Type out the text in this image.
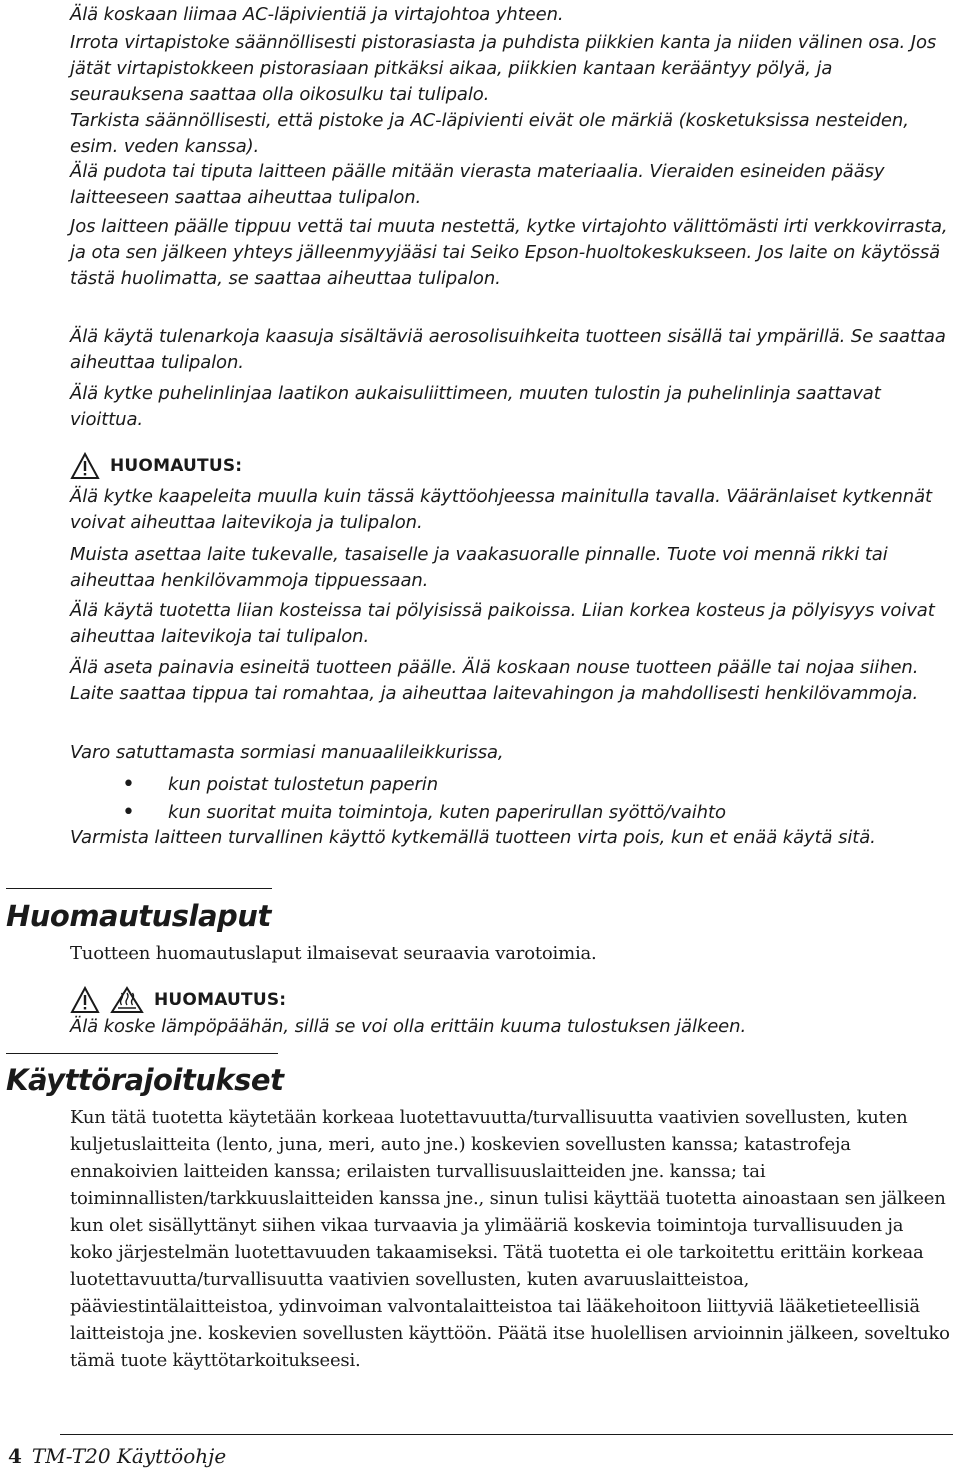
Älä koskaan liimaa AC-läpivientiä ja virtajohtoa yhteen.

Irrota virtapistoke säännöllisesti pistorasiasta ja puhdista piikkien kanta ja niiden välinen osa. Jos jätät virtapistokkeen pistorasiaan pitkäksi aikaa, piikkien kantaan kerääntyy pölyä, ja seurauksena saattaa olla oikosulku tai tulipalo.

Tarkista säännöllisesti, että pistoke ja AC-läpivienti eivät ole märkiä (kosketuksissa nesteiden, esim. veden kanssa).

Älä pudota tai tiputa laitteen päälle mitään vierasta materiaalia. Vieraiden esineiden pääsy laitteeseen saattaa aiheuttaa tulipalon.

Jos laitteen päälle tippuu vettä tai muuta nestettä, kytke virtajohto välittömästi irti verkkovirrasta, ja ota sen jälkeen yhteys jälleenmyyjääsi tai Seiko Epson-huoltokeskukseen. Jos laite on käytössä tästä huolimatta, se saattaa aiheuttaa tulipalon.

Älä käytä tulenarkoja kaasuja sisältäviä aerosolisuihkeita tuotteen sisällä tai ympärillä. Se saattaa aiheuttaa tulipalon.

Älä kytke puhelinlinjaa laatikon aukaisuliittimeen, muuten tulostin ja puhelinlinja saattavat vioittua.

HUOMAUTUS:

Älä kytke kaapeleita muulla kuin tässä käyttöohjeessa mainitulla tavalla. Vääränlaiset kytkennät voivat aiheuttaa laitevikoja ja tulipalon.

Muista asettaa laite tukevalle, tasaiselle ja vaakasuoralle pinnalle. Tuote voi mennä rikki tai aiheuttaa henkilövammoja tippuessaan.

Älä käytä tuotetta liian kosteissa tai pölyisissä paikoissa. Liian korkea kosteus ja pölyisyys voivat aiheuttaa laitevikoja tai tulipalon.

Älä aseta painavia esineitä tuotteen päälle. Älä koskaan nouse tuotteen päälle tai nojaa siihen. Laite saattaa tippua tai romahtaa, ja aiheuttaa laitevahingon ja mahdollisesti henkilövammoja.

Varo satuttamasta sormiasi manuaalileikkurissa,

•	kun poistat tulostetun paperin
•	kun suoritat muita toimintoja, kuten paperirullan syöttö/vaihto

Varmista laitteen turvallinen käyttö kytkemällä tuotteen virta pois, kun et enää käytä sitä.

Huomautuslaput

Tuotteen huomautuslaput ilmaisevat seuraavia varotoimia.

HUOMAUTUS:

Älä koske lämpöpäähän, sillä se voi olla erittäin kuuma tulostuksen jälkeen.

Käyttörajoitukset

Kun tätä tuotetta käytetään korkeaa luotettavuutta/turvallisuutta vaativien sovellusten, kuten kuljetuslaitteita (lento, juna, meri, auto jne.) koskevien sovellusten kanssa; katastrofeja ennakoivien laitteiden kanssa; erilaisten turvallisuuslaitteiden jne. kanssa; tai toiminnallisten/tarkkuuslaitteiden kanssa jne., sinun tulisi käyttää tuotetta ainoastaan sen jälkeen kun olet sisällyttänyt siihen vikaa turvaavia ja ylimääriä koskevia toimintoja turvallisuuden ja koko järjestelmän luotettavuuden takaamiseksi. Tätä tuotetta ei ole tarkoitettu erittäin korkeaa luotettavuutta/turvallisuutta vaativien sovellusten, kuten avaruuslaitteistoa, pääviestintälaitteistoa, ydinvoiman valvontalaitteistoa tai lääkehoitoon liittyviä lääketieteellisiä laitteistoja jne. koskevien sovellusten käyttöön. Päätä itse huolellisen arvioinnin jälkeen, soveltuko tämä tuote käyttötarkoitukseesi.

4 TM-T20 Käyttöohje
